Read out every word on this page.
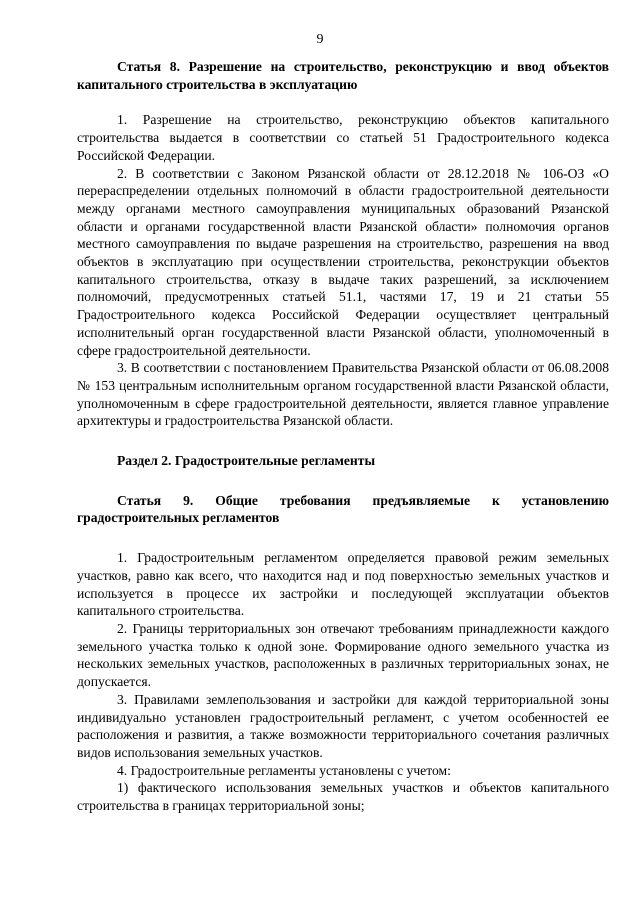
9

Статья 8. Разрешение на строительство, реконструкцию и ввод объектов капитального строительства в эксплуатацию

1. Разрешение на строительство, реконструкцию объектов капитального строительства выдается в соответствии со статьей 51 Градостроительного кодекса Российской Федерации.

2. В соответствии с Законом Рязанской области от 28.12.2018 № 106-ОЗ «О перераспределении отдельных полномочий в области градостроительной деятельности между органами местного самоуправления муниципальных образований Рязанской области и органами государственной власти Рязанской области» полномочия органов местного самоуправления по выдаче разрешения на строительство, разрешения на ввод объектов в эксплуатацию при осуществлении строительства, реконструкции объектов капитального строительства, отказу в выдаче таких разрешений, за исключением полномочий, предусмотренных статьей 51.1, частями 17, 19 и 21 статьи 55 Градостроительного кодекса Российской Федерации осуществляет центральный исполнительный орган государственной власти Рязанской области, уполномоченный в сфере градостроительной деятельности.

3. В соответствии с постановлением Правительства Рязанской области от 06.08.2008 № 153 центральным исполнительным органом государственной власти Рязанской области, уполномоченным в сфере градостроительной деятельности, является главное управление архитектуры и градостроительства Рязанской области.

Раздел 2. Градостроительные регламенты

Статья 9. Общие требования предъявляемые к установлению градостроительных регламентов

1. Градостроительным регламентом определяется правовой режим земельных участков, равно как всего, что находится над и под поверхностью земельных участков и используется в процессе их застройки и последующей эксплуатации объектов капитального строительства.

2. Границы территориальных зон отвечают требованиям принадлежности каждого земельного участка только к одной зоне. Формирование одного земельного участка из нескольких земельных участков, расположенных в различных территориальных зонах, не допускается.

3. Правилами землепользования и застройки для каждой территориальной зоны индивидуально установлен градостроительный регламент, с учетом особенностей ее расположения и развития, а также возможности территориального сочетания различных видов использования земельных участков.

4. Градостроительные регламенты установлены с учетом:

1) фактического использования земельных участков и объектов капитального строительства в границах территориальной зоны;
